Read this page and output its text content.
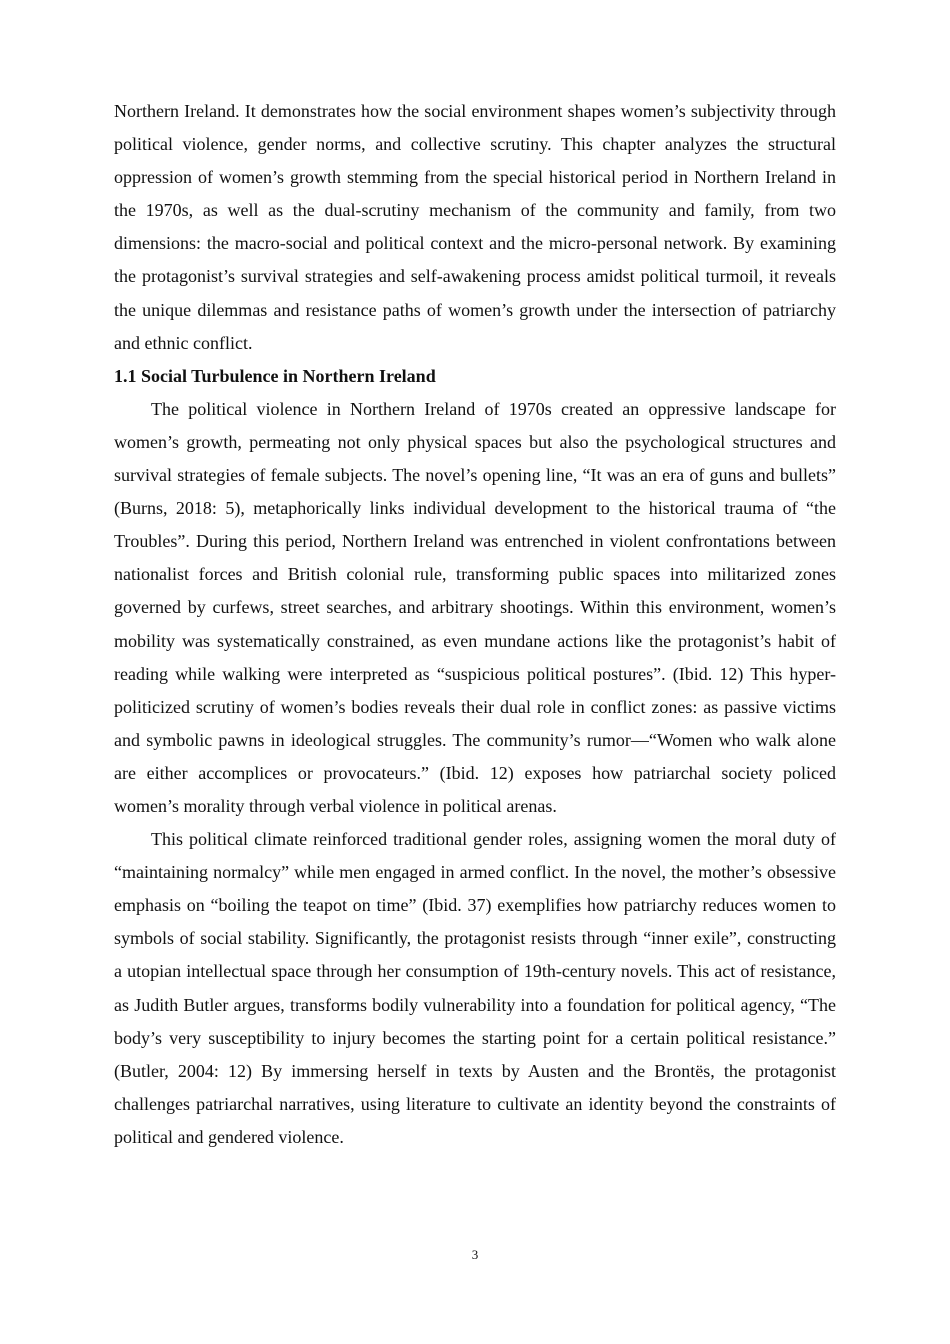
Northern Ireland. It demonstrates how the social environment shapes women’s subjectivity through political violence, gender norms, and collective scrutiny. This chapter analyzes the structural oppression of women’s growth stemming from the special historical period in Northern Ireland in the 1970s, as well as the dual-scrutiny mechanism of the community and family, from two dimensions: the macro-social and political context and the micro-personal network. By examining the protagonist’s survival strategies and self-awakening process amidst political turmoil, it reveals the unique dilemmas and resistance paths of women’s growth under the intersection of patriarchy and ethnic conflict.

1.1 Social Turbulence in Northern Ireland

The political violence in Northern Ireland of 1970s created an oppressive landscape for women’s growth, permeating not only physical spaces but also the psychological structures and survival strategies of female subjects. The novel’s opening line, “It was an era of guns and bullets” (Burns, 2018: 5), metaphorically links individual development to the historical trauma of “the Troubles”. During this period, Northern Ireland was entrenched in violent confrontations between nationalist forces and British colonial rule, transforming public spaces into militarized zones governed by curfews, street searches, and arbitrary shootings. Within this environment, women’s mobility was systematically constrained, as even mundane actions like the protagonist’s habit of reading while walking were interpreted as “suspicious political postures”. (Ibid. 12) This hyper-politicized scrutiny of women’s bodies reveals their dual role in conflict zones: as passive victims and symbolic pawns in ideological struggles. The community’s rumor—“Women who walk alone are either accomplices or provocateurs.” (Ibid. 12) exposes how patriarchal society policed women’s morality through verbal violence in political arenas.

This political climate reinforced traditional gender roles, assigning women the moral duty of “maintaining normalcy” while men engaged in armed conflict. In the novel, the mother’s obsessive emphasis on “boiling the teapot on time” (Ibid. 37) exemplifies how patriarchy reduces women to symbols of social stability. Significantly, the protagonist resists through “inner exile”, constructing a utopian intellectual space through her consumption of 19th-century novels. This act of resistance, as Judith Butler argues, transforms bodily vulnerability into a foundation for political agency, “The body’s very susceptibility to injury becomes the starting point for a certain political resistance.” (Butler, 2004: 12) By immersing herself in texts by Austen and the Brontës, the protagonist challenges patriarchal narratives, using literature to cultivate an identity beyond the constraints of political and gendered violence.

3
